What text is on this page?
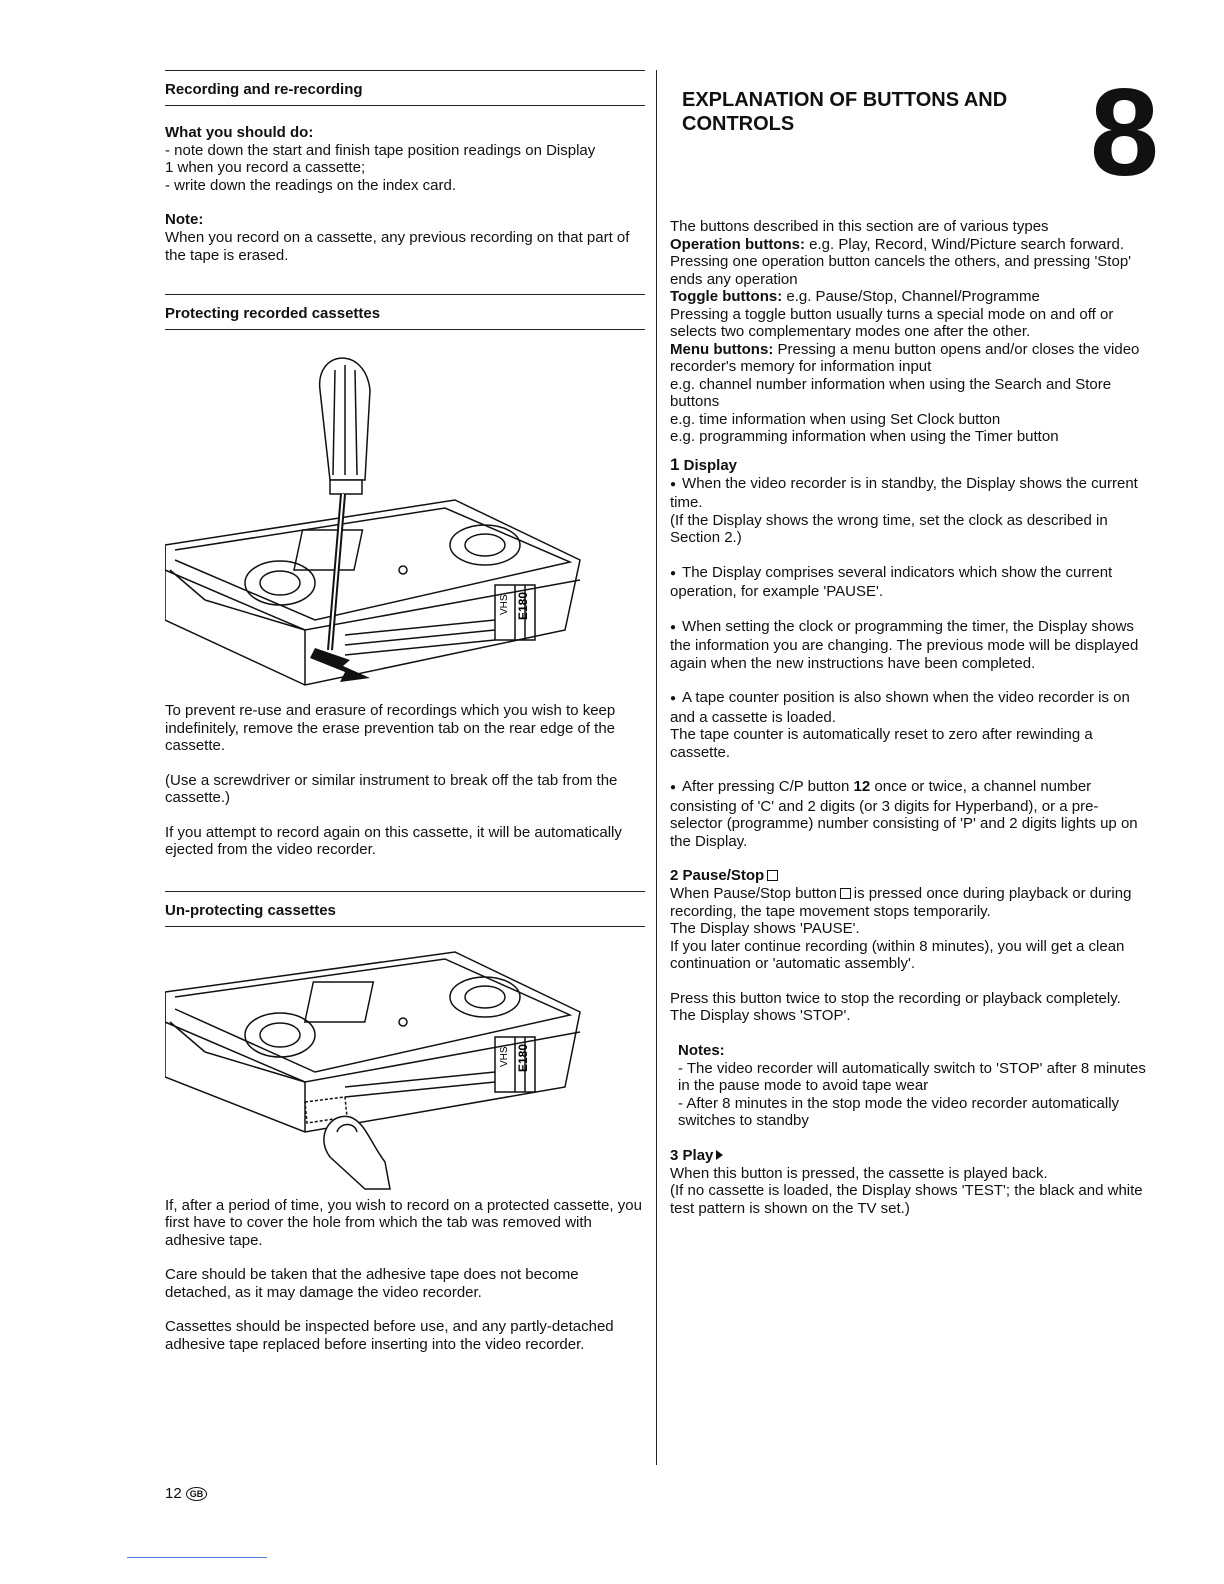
Recording and re-recording

What you should do:

- note down the start and finish tape position readings on Display

1 when you record a cassette;

- write down the readings on the index card.

Note:

When you record on a cassette, any previous recording on that part of the tape is erased.

Protecting recorded cassettes
VHS E180

To prevent re-use and erasure of recordings which you wish to keep indefinitely, remove the erase prevention tab on the rear edge of the cassette.

(Use a screwdriver or similar instrument to break off the tab from the cassette.)

If you attempt to record again on this cassette, it will be automatically ejected from the video recorder.

Un-protecting cassettes
VHS E180

If, after a period of time, you wish to record on a protected cassette, you first have to cover the hole from which the tab was removed with adhesive tape.

Care should be taken that the adhesive tape does not become detached, as it may damage the video recorder.

Cassettes should be inspected before use, and any partly-detached adhesive tape replaced before inserting into the video recorder.

EXPLANATION OF BUTTONS AND CONTROLS	8

The buttons described in this section are of various types

Operation buttons: e.g. Play, Record, Wind/Picture search forward.

Pressing one operation button cancels the others, and pressing 'Stop' ends any operation

Toggle buttons: e.g. Pause/Stop, Channel/Programme

Pressing a toggle button usually turns a special mode on and off or selects two complementary modes one after the other.

Menu buttons: Pressing a menu button opens and/or closes the video recorder's memory for information input

e.g. channel number information when using the Search and Store buttons

e.g. time information when using Set Clock button

e.g. programming information when using the Timer button

1 Display

● When the video recorder is in standby, the Display shows the current time.

(If the Display shows the wrong time, set the clock as described in Section 2.)

● The Display comprises several indicators which show the current operation, for example 'PAUSE'.

● When setting the clock or programming the timer, the Display shows the information you are changing. The previous mode will be displayed again when the new instructions have been completed.

● A tape counter position is also shown when the video recorder is on and a cassette is loaded.

The tape counter is automatically reset to zero after rewinding a cassette.

● After pressing C/P button 12 once or twice, a channel number consisting of 'C' and 2 digits (or 3 digits for Hyperband), or a pre-selector (programme) number consisting of 'P' and 2 digits lights up on the Display.

2 Pause/Stop

When Pause/Stop button is pressed once during playback or during recording, the tape movement stops temporarily.

The Display shows 'PAUSE'.

If you later continue recording (within 8 minutes), you will get a clean continuation or 'automatic assembly'.

Press this button twice to stop the recording or playback completely.

The Display shows 'STOP'.

Notes:

- The video recorder will automatically switch to 'STOP' after 8 minutes in the pause mode to avoid tape wear

- After 8 minutes in the stop mode the video recorder automatically switches to standby

3 Play

When this button is pressed, the cassette is played back.

(If no cassette is loaded, the Display shows 'TEST'; the black and white test pattern is shown on the TV set.)

12 GB
